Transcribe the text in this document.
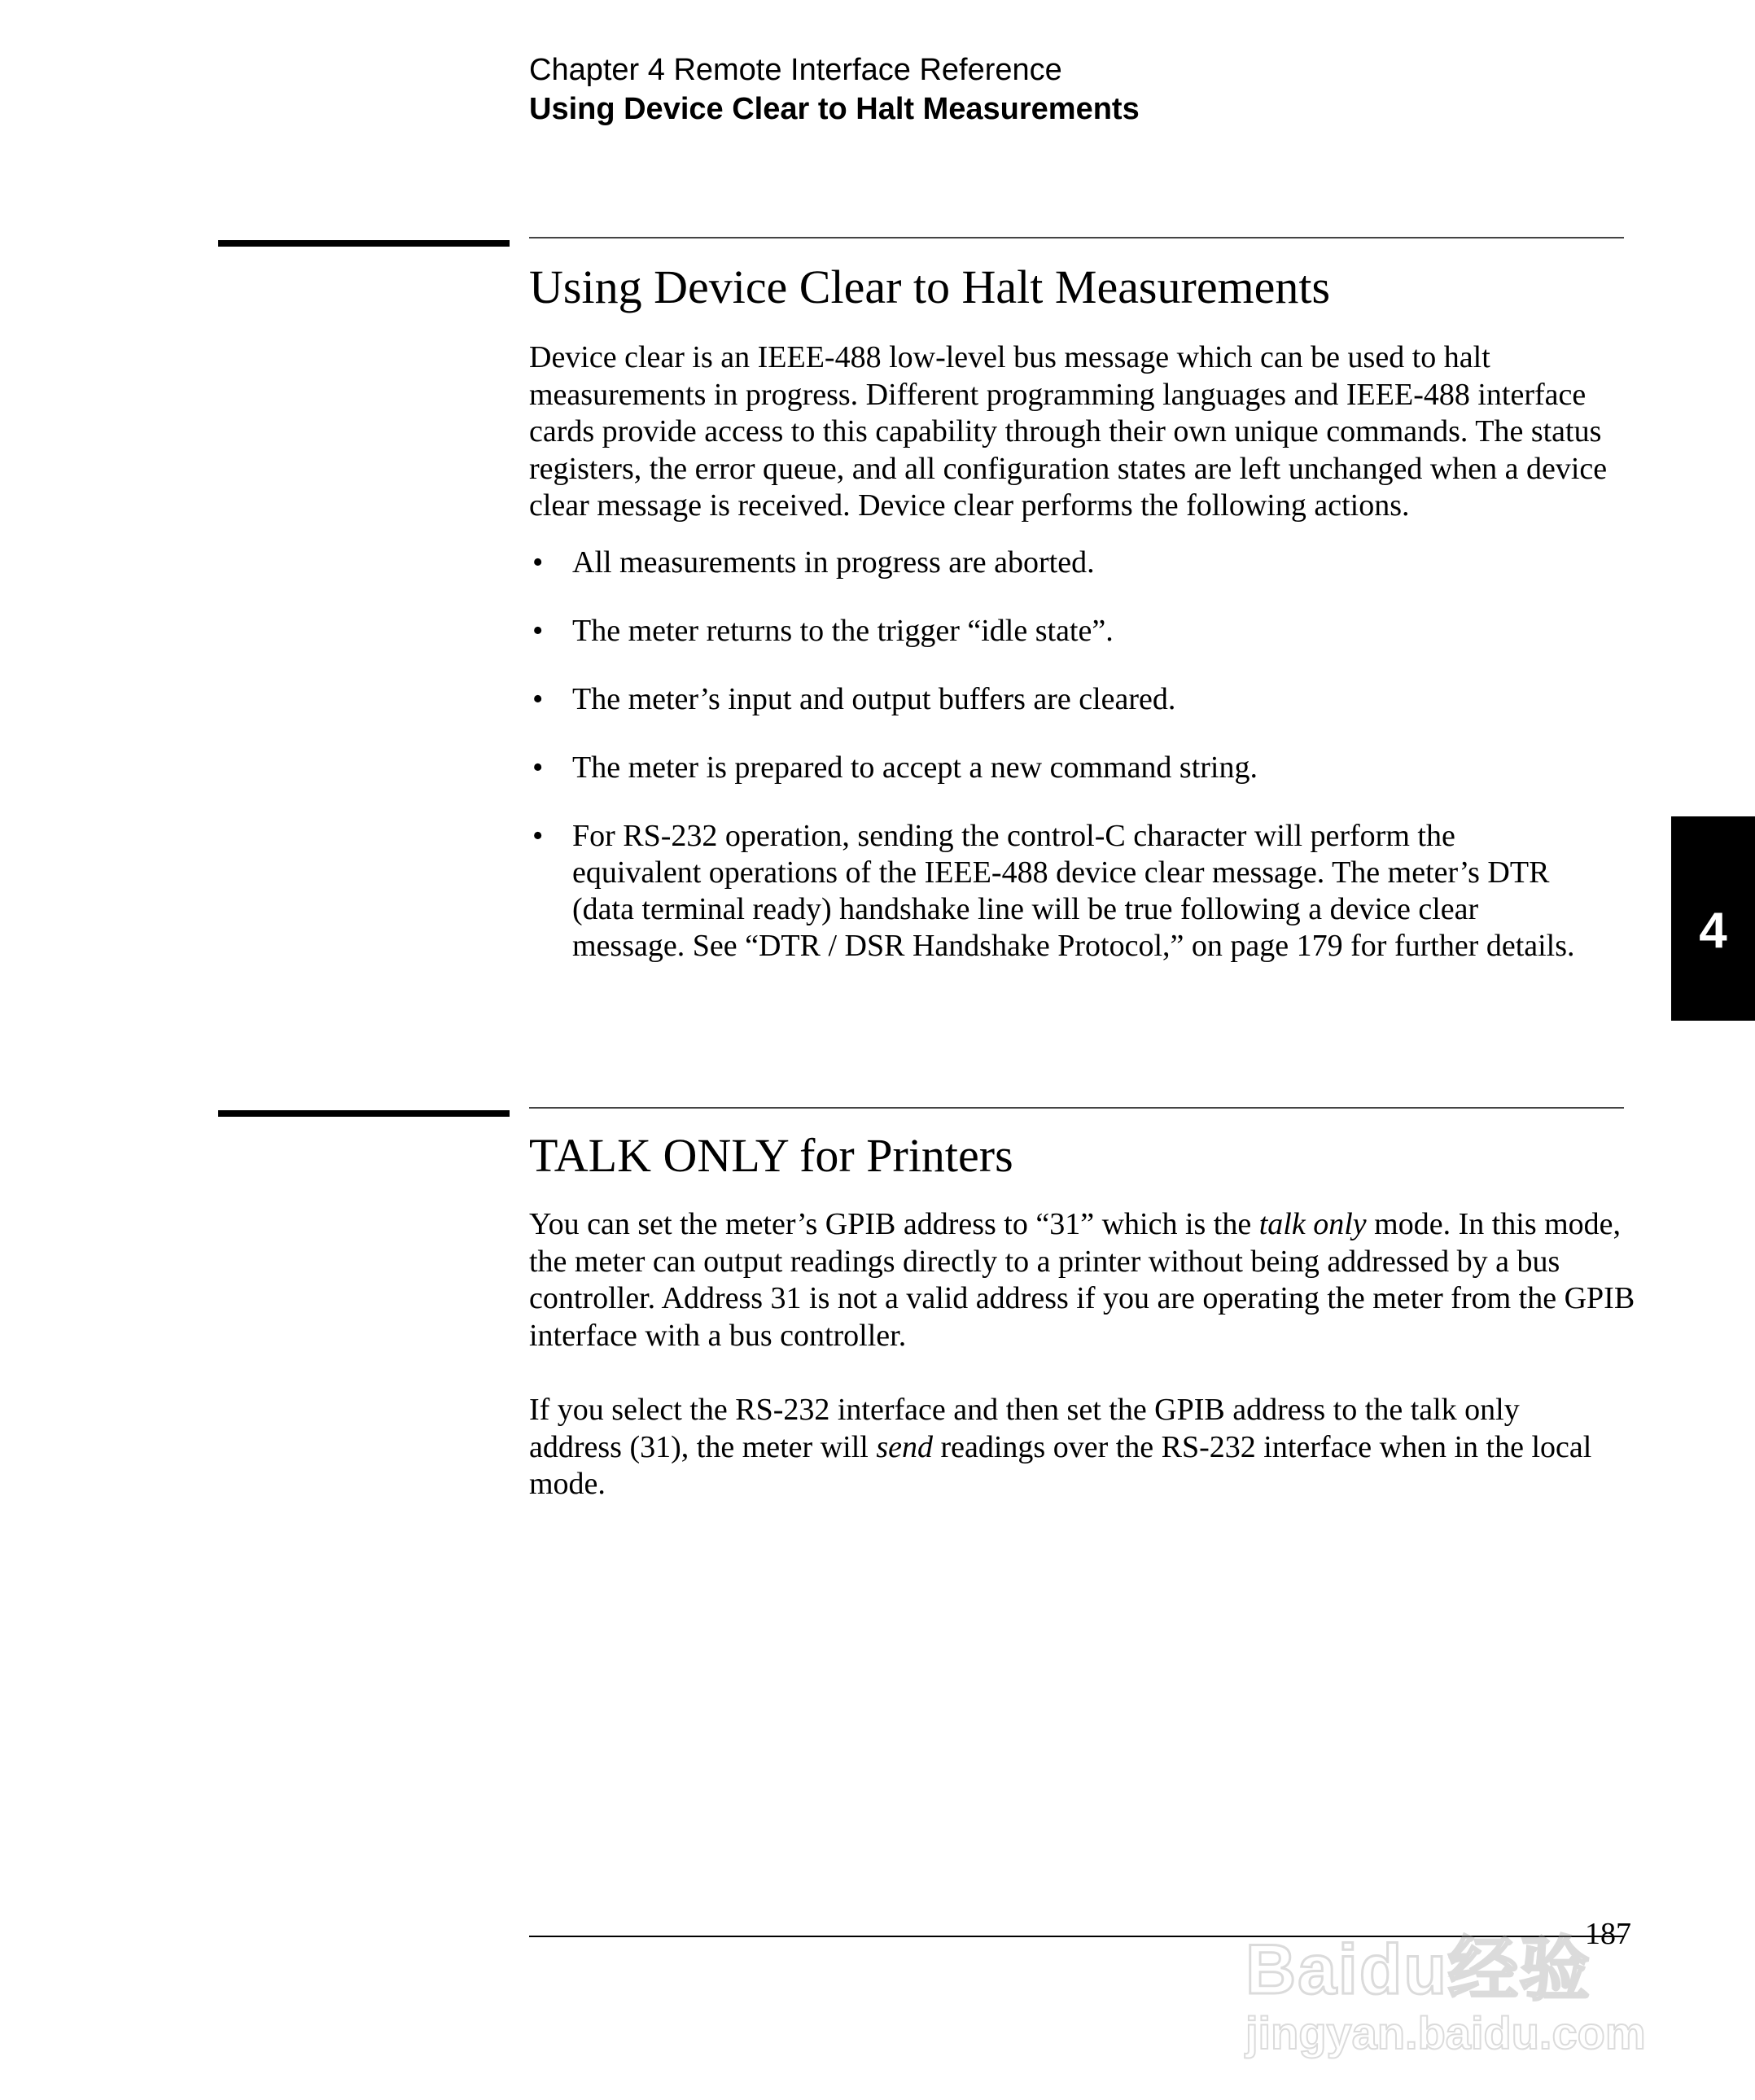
Chapter 4 Remote Interface Reference
Using Device Clear to Halt Measurements
Using Device Clear to Halt Measurements

Device clear is an IEEE-488 low-level bus message which can be used to halt measurements in progress. Different programming languages and IEEE-488 interface cards provide access to this capability through their own unique commands. The status registers, the error queue, and all configuration states are left unchanged when a device clear message is received. Device clear performs the following actions.

• All measurements in progress are aborted.
• The meter returns to the trigger “idle state”.
• The meter’s input and output buffers are cleared.
• The meter is prepared to accept a new command string.
• For RS-232 operation, sending the control-C character will perform the equivalent operations of the IEEE-488 device clear message. The meter’s DTR (data terminal ready) handshake line will be true following a device clear message. See “DTR / DSR Handshake Protocol,” on page 179 for further details.
TALK ONLY for Printers

You can set the meter’s GPIB address to “31” which is the talk only mode. In this mode, the meter can output readings directly to a printer without being addressed by a bus controller. Address 31 is not a valid address if you are operating the meter from the GPIB interface with a bus controller.

If you select the RS-232 interface and then set the GPIB address to the talk only address (31), the meter will send readings over the RS-232 interface when in the local mode.

4
Baidu经验
jingyan.baidu.com
187
